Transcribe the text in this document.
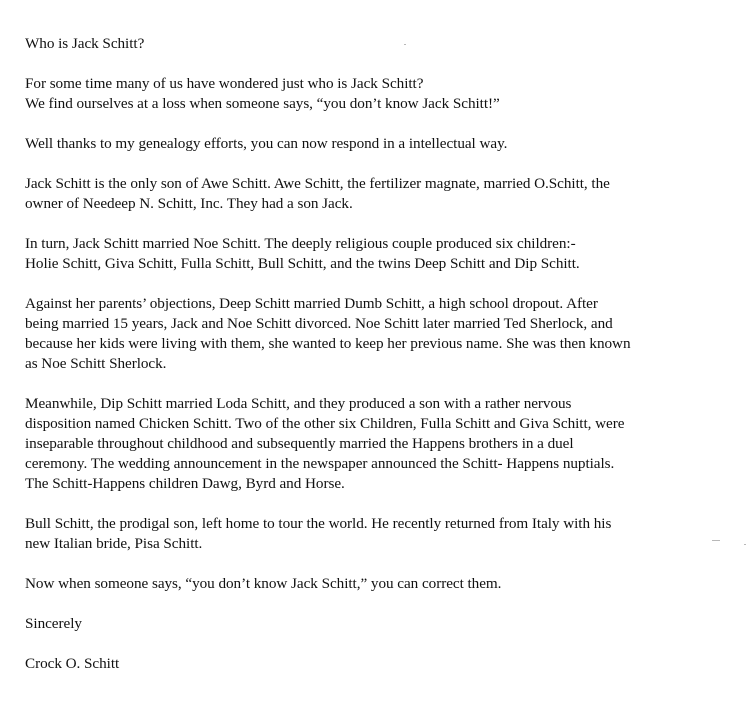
Who is Jack Schitt?

For some time many of us have wondered just who is Jack Schitt?
We find ourselves at a loss when someone says, “you don’t know Jack Schitt!”

Well thanks to my genealogy efforts, you can now respond in a intellectual way.

Jack Schitt is the only son of Awe Schitt. Awe Schitt, the fertilizer magnate, married O.Schitt, the
owner of Needeep N. Schitt, Inc. They had a son Jack.

In turn, Jack Schitt married Noe Schitt. The deeply religious couple produced six children:-
Holie Schitt, Giva Schitt, Fulla Schitt, Bull Schitt, and the twins Deep Schitt and Dip Schitt.

Against her parents’ objections, Deep Schitt married Dumb Schitt, a high school dropout. After
being married 15 years, Jack and Noe Schitt divorced. Noe Schitt later married Ted Sherlock, and
because her kids were living with them, she wanted to keep her previous name. She was then known
as Noe Schitt Sherlock.

Meanwhile, Dip Schitt married Loda Schitt, and they produced a son with a rather nervous
disposition named Chicken Schitt. Two of the other six Children, Fulla Schitt and Giva Schitt, were
inseparable throughout childhood and subsequently married the Happens brothers in a duel
ceremony. The wedding announcement in the newspaper announced the Schitt- Happens nuptials.
The Schitt-Happens children Dawg, Byrd and Horse.

Bull Schitt, the prodigal son, left home to tour the world. He recently returned from Italy with his
new Italian bride, Pisa Schitt.

Now when someone says, “you don’t know Jack Schitt,” you can correct them.

Sincerely

Crock O. Schitt
